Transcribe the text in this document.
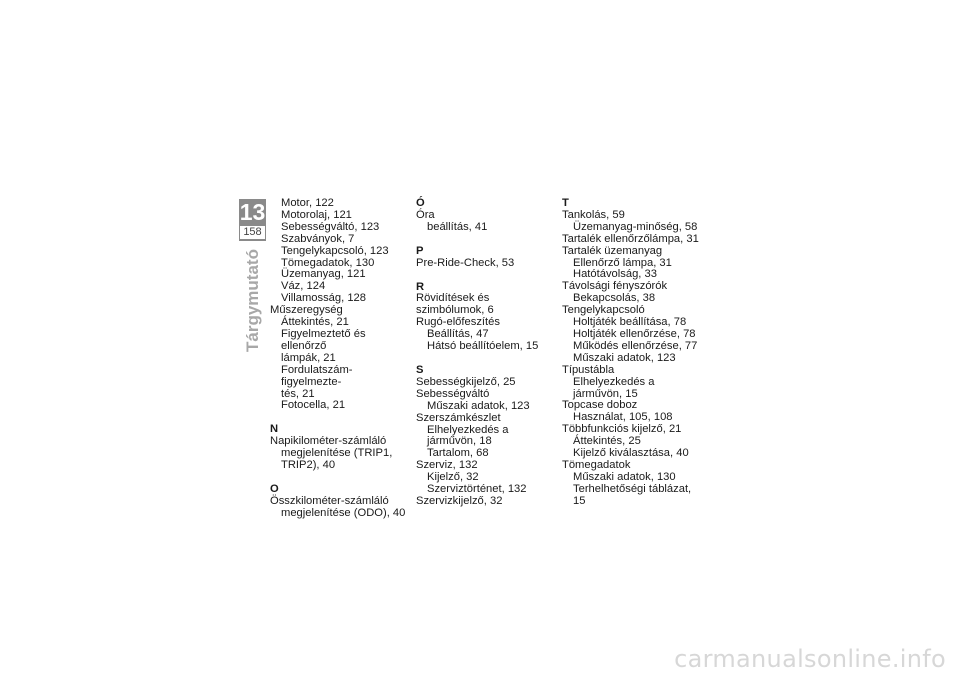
13
158
Tárgymutató

Motor, 122

Motorolaj, 121

Sebességváltó, 123

Szabványok, 7

Tengelykapcsoló, 123

Tömegadatok, 130

Üzemanyag, 121

Váz, 124

Villamosság, 128

Műszeregység

Áttekintés, 21

Figyelmeztető és ellenőrző

lámpák, 21

Fordulatszám-figyelmezte-

tés, 21

Fotocella, 21

N

Napikilométer-számláló

megjelenítése (TRIP1,

TRIP2), 40

O

Összkilométer-számláló

megjelenítése (ODO), 40

Ó

Óra

beállítás, 41

P

Pre-Ride-Check, 53

R

Rövidítések és szimbólumok, 6

Rugó-előfeszítés

Beállítás, 47

Hátsó beállítóelem, 15

S

Sebességkijelző, 25

Sebességváltó

Műszaki adatok, 123

Szerszámkészlet

Elhelyezkedés a járművön, 18

Tartalom, 68

Szerviz, 132

Kijelző, 32

Szerviztörténet, 132

Szervizkijelző, 32

T

Tankolás, 59

Üzemanyag-minőség, 58

Tartalék ellenőrzőlámpa, 31

Tartalék üzemanyag

Ellenőrző lámpa, 31

Hatótávolság, 33

Távolsági fényszórók

Bekapcsolás, 38

Tengelykapcsoló

Holtjáték beállítása, 78

Holtjáték ellenőrzése, 78

Működés ellenőrzése, 77

Műszaki adatok, 123

Típustábla

Elhelyezkedés a járművön, 15

Topcase doboz

Használat, 105, 108

Többfunkciós kijelző, 21

Áttekintés, 25

Kijelző kiválasztása, 40

Tömegadatok

Műszaki adatok, 130

Terhelhetőségi táblázat, 15

carmanualsonline.info
